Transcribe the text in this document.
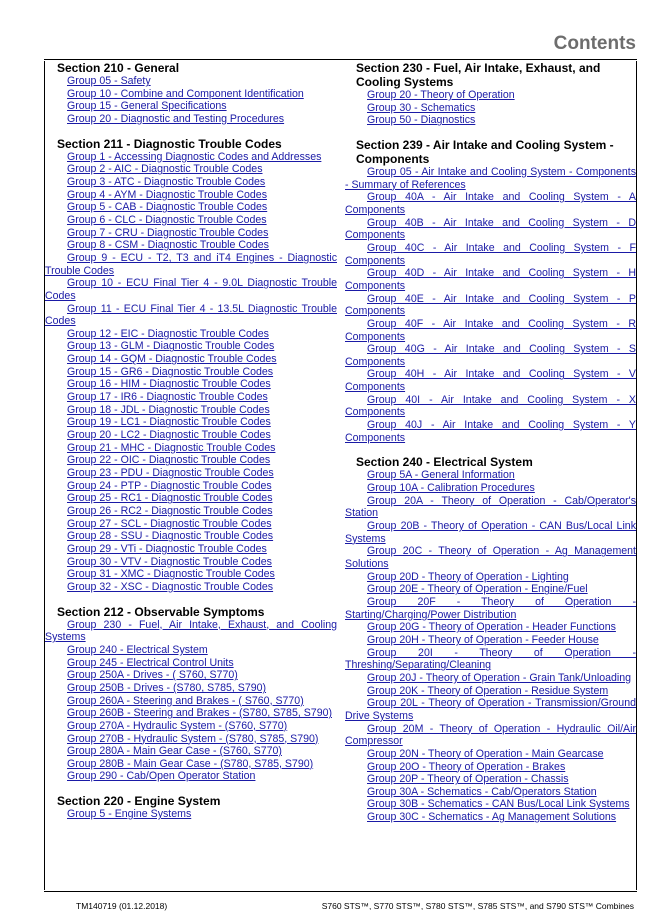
Contents
Section 210 - General
Group 05 - Safety
Group 10 - Combine and Component Identification
Group 15 - General Specifications
Group 20 - Diagnostic and Testing Procedures
Section 211 - Diagnostic Trouble Codes
Group 1 - Accessing Diagnostic Codes and Addresses
Group 2 - AIC - Diagnostic Trouble Codes
Group 3 - ATC - Diagnostic Trouble Codes
Group 4 - AYM - Diagnostic Trouble Codes
Group 5 - CAB - Diagnostic Trouble Codes
Group 6 - CLC - Diagnostic Trouble Codes
Group 7 - CRU - Diagnostic Trouble Codes
Group 8 - CSM - Diagnostic Trouble Codes
Group 9 - ECU - T2, T3 and iT4 Engines - Diagnostic Trouble Codes
Group 10 - ECU Final Tier 4 - 9.0L Diagnostic Trouble Codes
Group 11 - ECU Final Tier 4 - 13.5L Diagnostic Trouble Codes
Group 12 - EIC - Diagnostic Trouble Codes
Group 13 - GLM - Diagnostic Trouble Codes
Group 14 - GQM - Diagnostic Trouble Codes
Group 15 - GR6 - Diagnostic Trouble Codes
Group 16 - HIM - Diagnostic Trouble Codes
Group 17 - IR6 - Diagnostic Trouble Codes
Group 18 - JDL - Diagnostic Trouble Codes
Group 19 - LC1 - Diagnostic Trouble Codes
Group 20 - LC2 - Diagnostic Trouble Codes
Group 21 - MHC - Diagnostic Trouble Codes
Group 22 - OIC - Diagnostic Trouble Codes
Group 23 - PDU - Diagnostic Trouble Codes
Group 24 - PTP - Diagnostic Trouble Codes
Group 25 - RC1 - Diagnostic Trouble Codes
Group 26 - RC2 - Diagnostic Trouble Codes
Group 27 - SCL - Diagnostic Trouble Codes
Group 28 - SSU - Diagnostic Trouble Codes
Group 29 - VTi - Diagnostic Trouble Codes
Group 30 - VTV - Diagnostic Trouble Codes
Group 31 - XMC - Diagnostic Trouble Codes
Group 32 - XSC - Diagnostic Trouble Codes
Section 212 - Observable Symptoms
Group 230 - Fuel, Air Intake, Exhaust, and Cooling Systems
Group 240 - Electrical System
Group 245 - Electrical Control Units
Group 250A - Drives - ( S760, S770)
Group 250B - Drives - (S780, S785, S790)
Group 260A - Steering and Brakes - ( S760, S770)
Group 260B - Steering and Brakes - (S780, S785, S790)
Group 270A - Hydraulic System - (S760, S770)
Group 270B - Hydraulic System - (S780, S785, S790)
Group 280A - Main Gear Case - (S760, S770)
Group 280B - Main Gear Case - (S780, S785, S790)
Group 290 - Cab/Open Operator Station
Section 220 - Engine System
Group 5 - Engine Systems
Section 230 - Fuel, Air Intake, Exhaust, and Cooling Systems
Group 20 - Theory of Operation
Group 30 - Schematics
Group 50 - Diagnostics
Section 239 - Air Intake and Cooling System - Components
Group 05 - Air Intake and Cooling System - Components - Summary of References
Group 40A - Air Intake and Cooling System - A Components
Group 40B - Air Intake and Cooling System - D Components
Group 40C - Air Intake and Cooling System - F Components
Group 40D - Air Intake and Cooling System - H Components
Group 40E - Air Intake and Cooling System - P Components
Group 40F - Air Intake and Cooling System - R Components
Group 40G - Air Intake and Cooling System - S Components
Group 40H - Air Intake and Cooling System - V Components
Group 40I - Air Intake and Cooling System - X Components
Group 40J - Air Intake and Cooling System - Y Components
Section 240 - Electrical System
Group 5A - General Information
Group 10A - Calibration Procedures
Group 20A - Theory of Operation - Cab/Operator's Station
Group 20B - Theory of Operation - CAN Bus/Local Link Systems
Group 20C - Theory of Operation - Ag Management Solutions
Group 20D - Theory of Operation - Lighting
Group 20E - Theory of Operation - Engine/Fuel
Group 20F - Theory of Operation - Starting/Charging/Power Distribution
Group 20G - Theory of Operation - Header Functions
Group 20H - Theory of Operation - Feeder House
Group 20I - Theory of Operation - Threshing/Separating/Cleaning
Group 20J - Theory of Operation - Grain Tank/Unloading
Group 20K - Theory of Operation - Residue System
Group 20L - Theory of Operation - Transmission/Ground Drive Systems
Group 20M - Theory of Operation - Hydraulic Oil/Air Compressor
Group 20N - Theory of Operation - Main Gearcase
Group 20O - Theory of Operation - Brakes
Group 20P - Theory of Operation - Chassis
Group 30A - Schematics - Cab/Operators Station
Group 30B - Schematics - CAN Bus/Local Link Systems
Group 30C - Schematics - Ag Management Solutions
TM140719 (01.12.2018)	S760 STS™, S770 STS™, S780 STS™, S785 STS™, and S790 STS™ Combines
